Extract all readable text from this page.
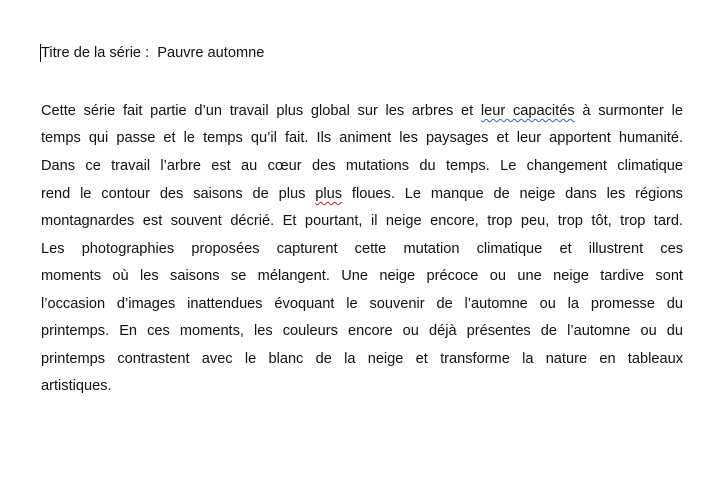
Titre de la série : Pauvre automne
Cette série fait partie d’un travail plus global sur les arbres et leur capacités à surmonter le
temps qui passe et le temps qu’il fait. Ils animent les paysages et leur apportent humanité.
Dans ce travail l’arbre est au cœur des mutations du temps. Le changement climatique
rend le contour des saisons de plus plus floues. Le manque de neige dans les régions
montagnardes est souvent décrié. Et pourtant, il neige encore, trop peu, trop tôt, trop tard.
Les photographies proposées capturent cette mutation climatique et illustrent ces
moments où les saisons se mélangent. Une neige précoce ou une neige tardive sont
l’occasion d’images inattendues évoquant le souvenir de l’automne ou la promesse du
printemps. En ces moments, les couleurs encore ou déjà présentes de l’automne ou du
printemps contrastent avec le blanc de la neige et transforme la nature en tableaux
artistiques.
